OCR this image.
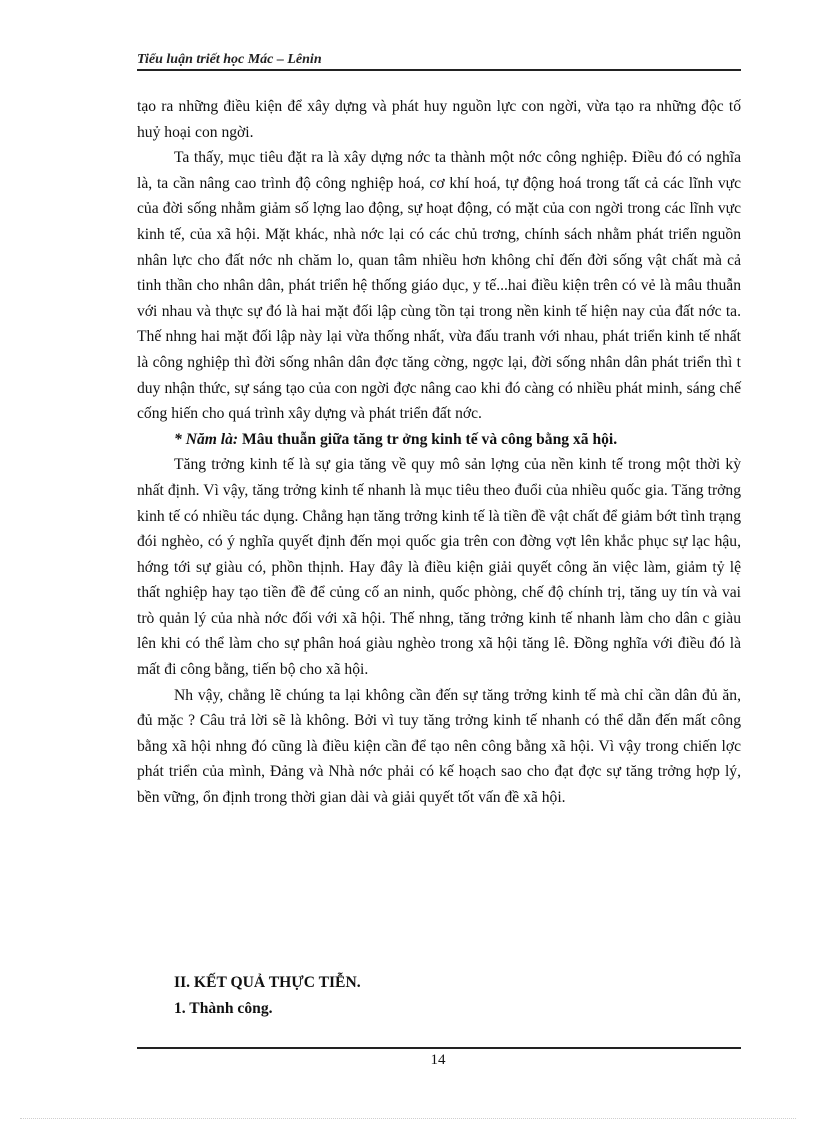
Tiểu luận triết học Mác – Lênin

tạo ra những điều kiện để xây dựng và phát huy nguồn lực con ngời, vừa tạo ra những độc tố huỷ hoại con ngời.

Ta thấy, mục tiêu đặt ra là xây dựng nớc ta thành một nớc công nghiệp. Điều đó có nghĩa là, ta cần nâng cao trình độ công nghiệp hoá, cơ khí hoá, tự động hoá trong tất cả các lĩnh vực của đời sống nhằm giảm số lợng lao động, sự hoạt động, có mặt của con ngời trong các lĩnh vực kinh tế, của xã hội. Mặt khác, nhà nớc lại có các chủ trơng, chính sách nhằm phát triển nguồn nhân lực cho đất nớc nh chăm lo, quan tâm nhiều hơn không chỉ đến đời sống vật chất mà cả tinh thần cho nhân dân, phát triển hệ thống giáo dục, y tế...hai điều kiện trên có vẻ là mâu thuẫn với nhau và thực sự đó là hai mặt đối lập cùng tồn tại trong nền kinh tế hiện nay của đất nớc ta. Thế nhng hai mặt đối lập này lại vừa thống nhất, vừa đấu tranh với nhau, phát triển kinh tế nhất là công nghiệp thì đời sống nhân dân đợc tăng cờng, ngợc lại, đời sống nhân dân phát triển thì t duy nhận thức, sự sáng tạo của con ngời đợc nâng cao khi đó càng có nhiều phát minh, sáng chế cống hiến cho quá trình xây dựng và phát triển đất nớc.

* Năm là: Mâu thuẫn giữa tăng tr ởng kinh tế và công bằng xã hội.

Tăng trởng kinh tế là sự gia tăng về quy mô sản lợng của nền kinh tế trong một thời kỳ nhất định. Vì vậy, tăng trởng kinh tế nhanh là mục tiêu theo đuổi của nhiều quốc gia. Tăng trởng kinh tế có nhiều tác dụng. Chẳng hạn tăng trởng kinh tế là tiền đề vật chất để giảm bớt tình trạng đói nghèo, có ý nghĩa quyết định đến mọi quốc gia trên con đờng vợt lên khắc phục sự lạc hậu, hớng tới sự giàu có, phồn thịnh. Hay đây là điều kiện giải quyết công ăn việc làm, giảm tỷ lệ thất nghiệp hay tạo tiền đề để củng cố an ninh, quốc phòng, chế độ chính trị, tăng uy tín và vai trò quản lý của nhà nớc đối với xã hội. Thế nhng, tăng trởng kinh tế nhanh làm cho dân c giàu lên khi có thể làm cho sự phân hoá giàu nghèo trong xã hội tăng lê. Đồng nghĩa với điều đó là mất đi công bằng, tiến bộ cho xã hội.

Nh vậy, chẳng lẽ chúng ta lại không cần đến sự tăng trởng kinh tế mà chỉ cần dân đủ ăn, đủ mặc ? Câu trả lời sẽ là không. Bởi vì tuy tăng trởng kinh tế nhanh có thể dẫn đến mất công bằng xã hội nhng đó cũng là điều kiện cần để tạo nên công bằng xã hội. Vì vậy trong chiến lợc phát triển của mình, Đảng và Nhà nớc phải có kế hoạch sao cho đạt đợc sự tăng trởng hợp lý, bền vững, ổn định trong thời gian dài và giải quyết tốt vấn đề xã hội.

II. KẾT QUẢ THỰC TIỄN.
1. Thành công.
14
